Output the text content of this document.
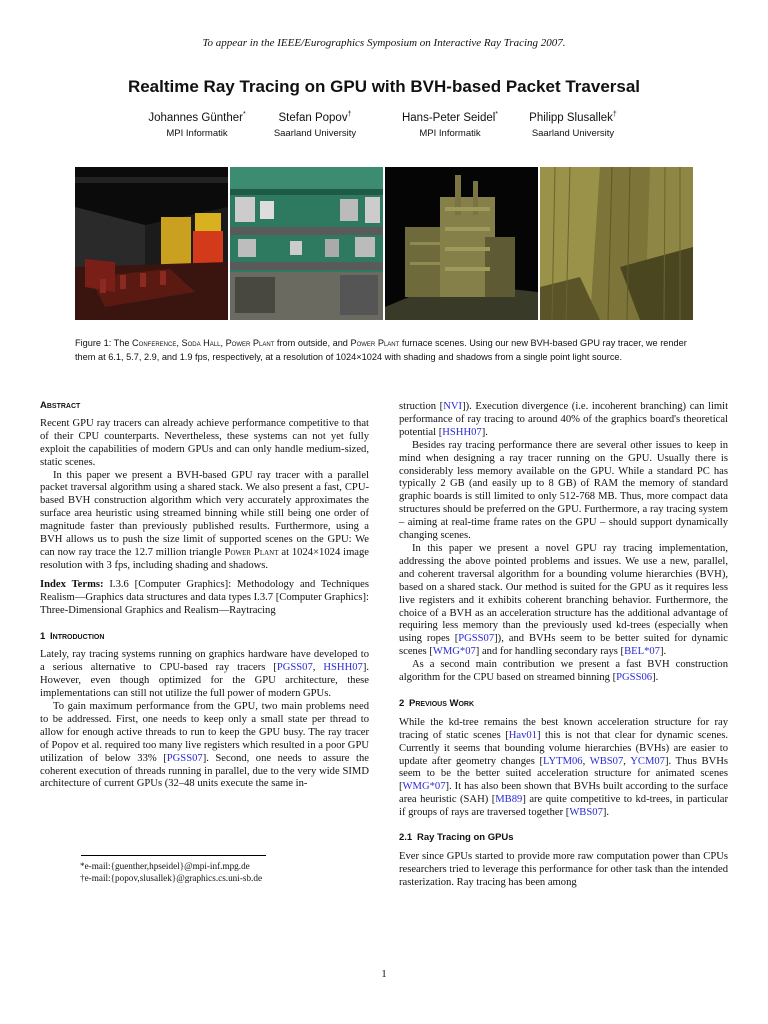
To appear in the IEEE/Eurographics Symposium on Interactive Ray Tracing 2007.
Realtime Ray Tracing on GPU with BVH-based Packet Traversal
Johannes Günther*	Stefan Popov†	Hans-Peter Seidel*	Philipp Slusallek†
MPI Informatik	Saarland University	MPI Informatik	Saarland University
Figure 1: The Conference, Soda Hall, Power Plant from outside, and Power Plant furnace scenes. Using our new BVH-based GPU ray tracer, we render them at 6.1, 5.7, 2.9, and 1.9 fps, respectively, at a resolution of 1024×1024 with shading and shadows from a single point light source.
Abstract

Recent GPU ray tracers can already achieve performance competitive to that of their CPU counterparts. Nevertheless, these systems can not yet fully exploit the capabilities of modern GPUs and can only handle medium-sized, static scenes.

In this paper we present a BVH-based GPU ray tracer with a parallel packet traversal algorithm using a shared stack. We also present a fast, CPU-based BVH construction algorithm which very accurately approximates the surface area heuristic using streamed binning while still being one order of magnitude faster than previously published results. Furthermore, using a BVH allows us to push the size limit of supported scenes on the GPU: We can now ray trace the 12.7 million triangle Power Plant at 1024×1024 image resolution with 3 fps, including shading and shadows.

Index Terms: I.3.6 [Computer Graphics]: Methodology and Techniques Realism—Graphics data structures and data types I.3.7 [Computer Graphics]: Three-Dimensional Graphics and Realism—Raytracing

1 Introduction

Lately, ray tracing systems running on graphics hardware have developed to a serious alternative to CPU-based ray tracers [PGSS07, HSHH07]. However, even though optimized for the GPU architecture, these implementations can still not utilize the full power of modern GPUs.

To gain maximum performance from the GPU, two main problems need to be addressed. First, one needs to keep only a small state per thread to allow for enough active threads to run to keep the GPU busy. The ray tracer of Popov et al. required too many live registers which resulted in a poor GPU utilization of below 33% [PGSS07]. Second, one needs to assure the coherent execution of threads running in parallel, due to the very wide SIMD architecture of current GPUs (32–48 units execute the same in-

*e-mail:{guenther,hpseidel}@mpi-inf.mpg.de
†e-mail:{popov,slusallek}@graphics.cs.uni-sb.de

struction [NVI]). Execution divergence (i.e. incoherent branching) can limit performance of ray tracing to around 40% of the graphics board's theoretical potential [HSHH07].

Besides ray tracing performance there are several other issues to keep in mind when designing a ray tracer running on the GPU. Usually there is considerably less memory available on the GPU. While a standard PC has typically 2 GB (and easily up to 8 GB) of RAM the memory of standard graphic boards is still limited to only 512-768 MB. Thus, more compact data structures should be preferred on the GPU. Furthermore, a ray tracing system – aiming at real-time frame rates on the GPU – should support dynamically changing scenes.

In this paper we present a novel GPU ray tracing implementation, addressing the above pointed problems and issues. We use a new, parallel, and coherent traversal algorithm for a bounding volume hierarchies (BVH), based on a shared stack. Our method is suited for the GPU as it requires less live registers and it exhibits coherent branching behavior. Furthermore, the choice of a BVH as an acceleration structure has the additional advantage of requiring less memory than the previously used kd-trees (especially when using ropes [PGSS07]), and BVHs seem to be better suited for dynamic scenes [WMG*07] and for handling secondary rays [BEL*07].

As a second main contribution we present a fast BVH construction algorithm for the CPU based on streamed binning [PGSS06].

2 Previous Work

While the kd-tree remains the best known acceleration structure for ray tracing of static scenes [Hav01] this is not that clear for dynamic scenes. Currently it seems that bounding volume hierarchies (BVHs) are easier to update after geometry changes [LYTM06, WBS07, YCM07]. Thus BVHs seem to be the better suited acceleration structure for animated scenes [WMG*07]. It has also been shown that BVHs built according to the surface area heuristic (SAH) [MB89] are quite competitive to kd-trees, in particular if groups of rays are traversed together [WBS07].

2.1 Ray Tracing on GPUs

Ever since GPUs started to provide more raw computation power than CPUs researchers tried to leverage this performance for other task than the intended rasterization. Ray tracing has been among

1
